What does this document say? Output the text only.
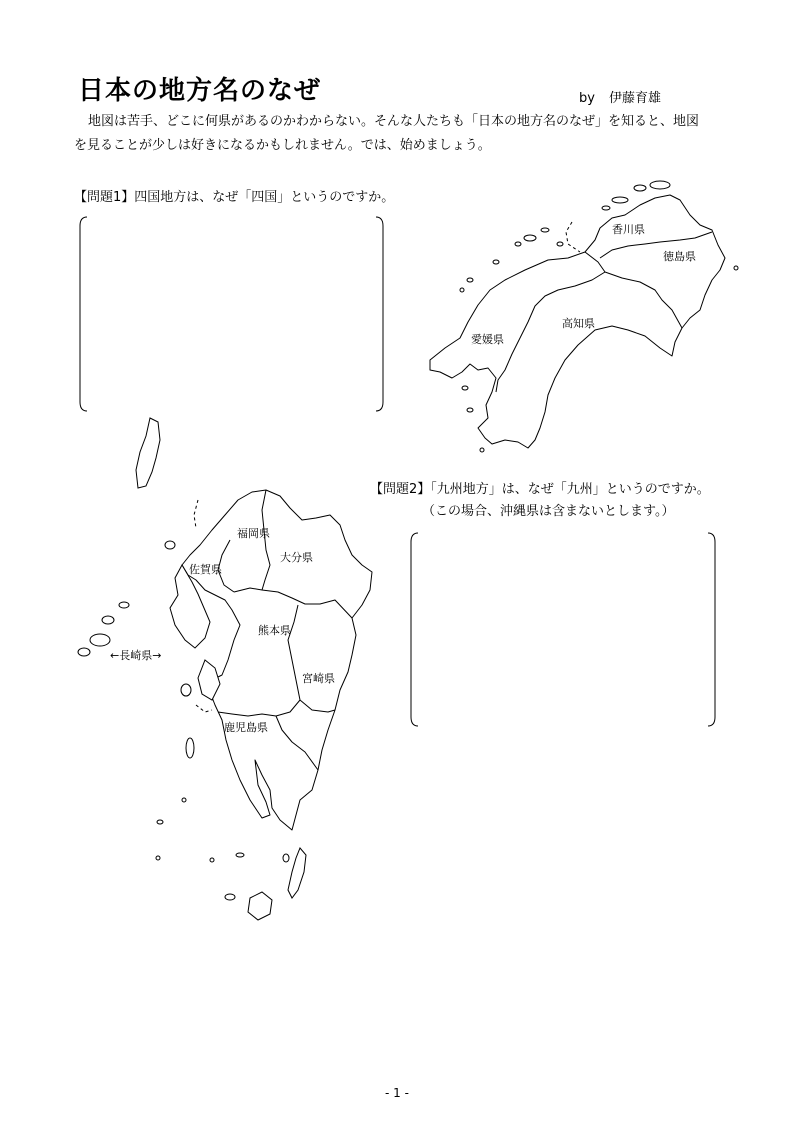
日本の地方名のなぜ	by 伊藤育雄

地図は苦手、どこに何県があるのかわからない。そんな人たちも「日本の地方名のなぜ」を知ると、地図

を見ることが少しは好きになるかもしれません。では、始めましょう。
【問題1】四国地方は、なぜ「四国」というのですか。
【問題2】「九州地方」は、なぜ「九州」というのですか。
（この場合、沖縄県は含まないとします。）
香川県
徳島県
高知県
愛媛県
福岡県
佐賀県
大分県
熊本県
←長崎県→
宮崎県
鹿児島県
- 1 -
